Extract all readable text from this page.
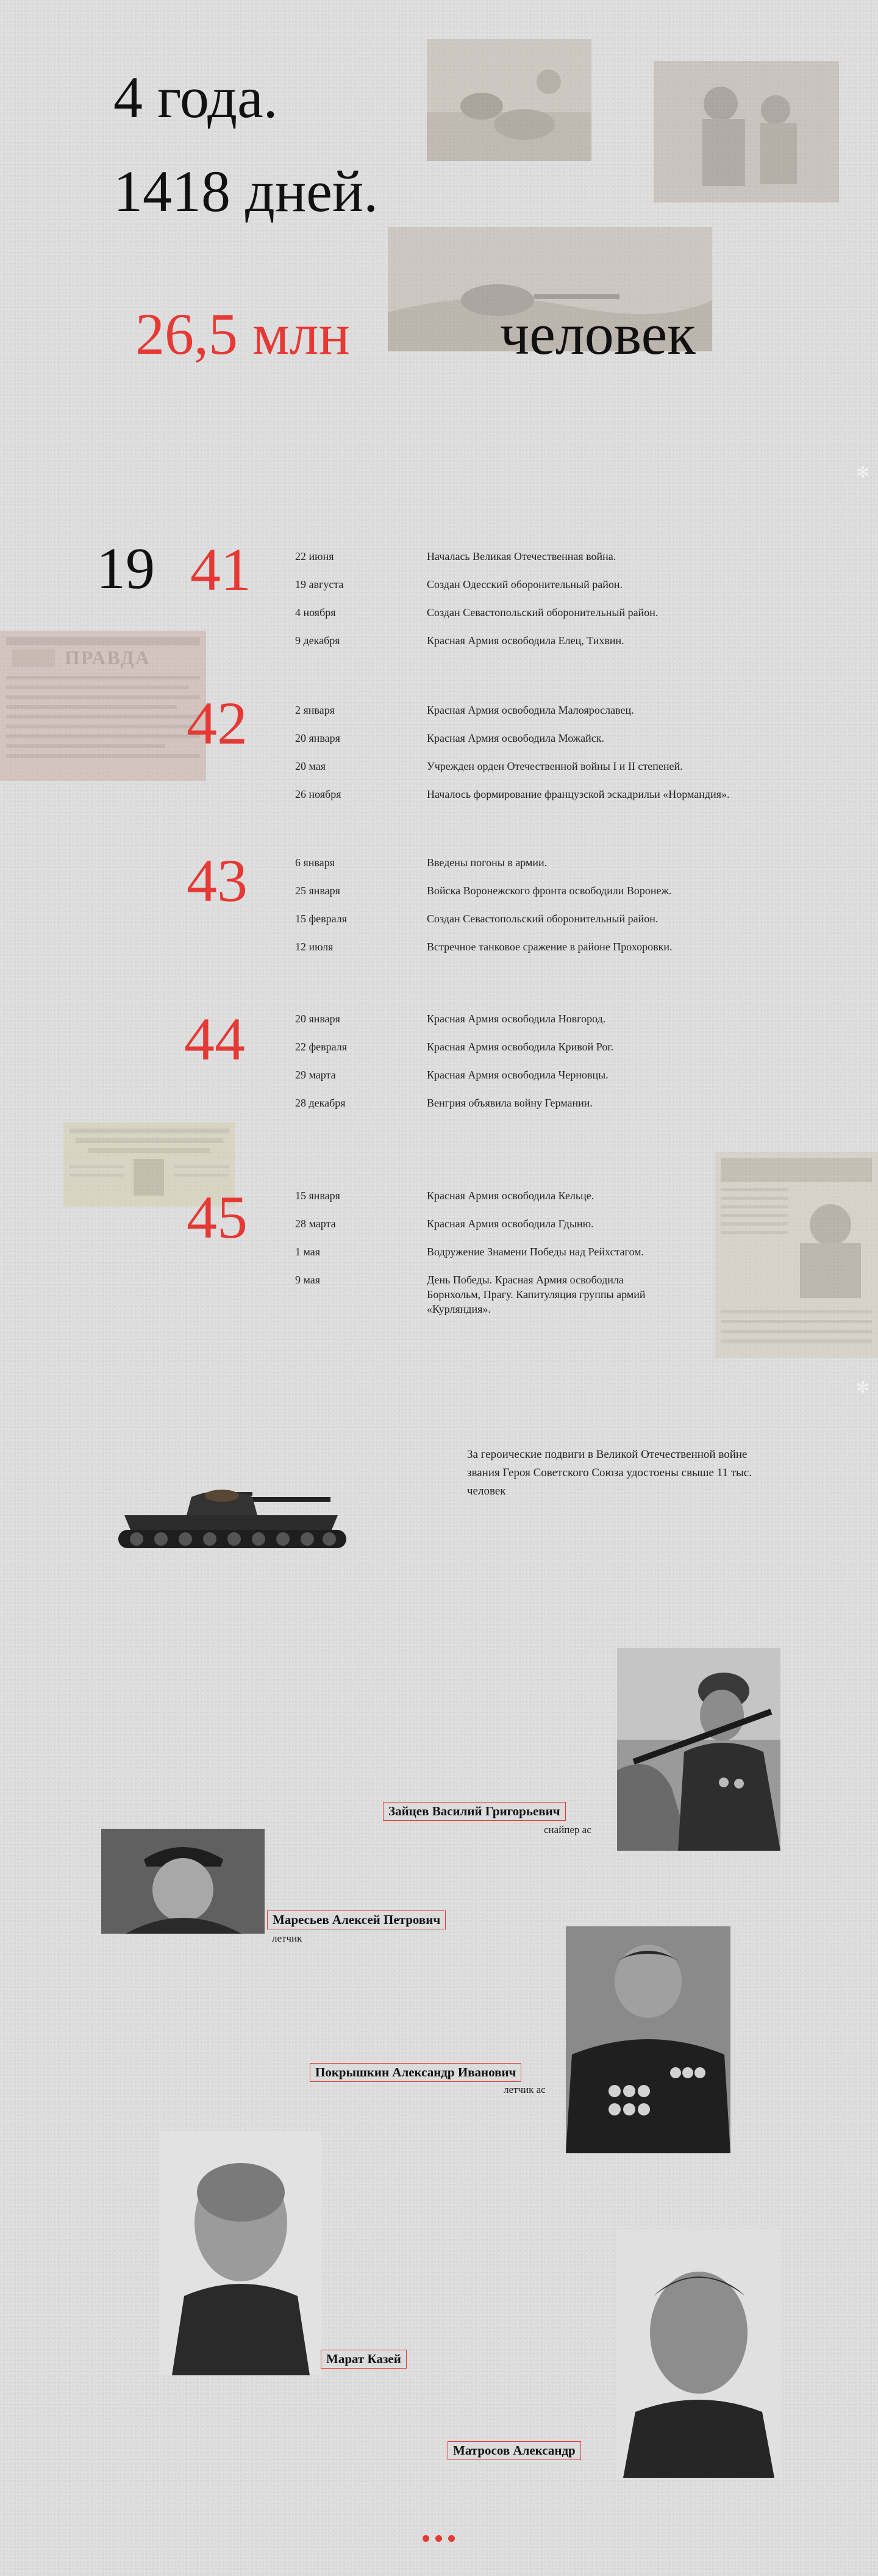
✻
✻
4 года.
1418 дней.
26,5 млн	человек
ПРАВДА
19 41	22 июня	Началась Великая Отечественная война.
19 августа	Создан Одесский оборонительный район.
4 ноября	Создан Севастопольский оборонительный район.
9 декабря	Красная Армия освободила Елец, Тихвин.
42	2 января	Красная Армия освободила Малоярославец.
20 января	Красная Армия освободила Можайск.
20 мая	Учрежден орден Отечественной войны I и II степеней.
26 ноября	Началось формирование французской эскадрильи «Нормандия».
43	6 января	Введены погоны в армии.
25 января	Войска Воронежского фронта освободили Воронеж.
15 февраля	Создан Севастопольский оборонительный район.
12 июля	Встречное танковое сражение в районе Прохоровки.
44	20 января	Красная Армия освободила Новгород.
22 февраля	Красная Армия освободила Кривой Рог.
29 марта	Красная Армия освободила Черновцы.
28 декабря	Венгрия объявила войну Германии.
45	15 января	Красная Армия освободила Кельце.
28 марта	Красная Армия освободила Гдыню.
1 мая	Водружение Знамени Победы над Рейхстагом.
9 мая	День Победы. Красная Армия освободила Борнхольм, Прагу. Капитуляция группы армий «Курляндия».
За героические подвиги в Великой Отечественной войне звания Героя Советского Союза удостоены свыше 11 тыс. человек
Зайцев Василий Григорьевич
снайпер ас
Маресьев Алексей Петрович
летчик
Покрышкин Александр Иванович
летчик ас
Марат Казей
Матросов Александр
